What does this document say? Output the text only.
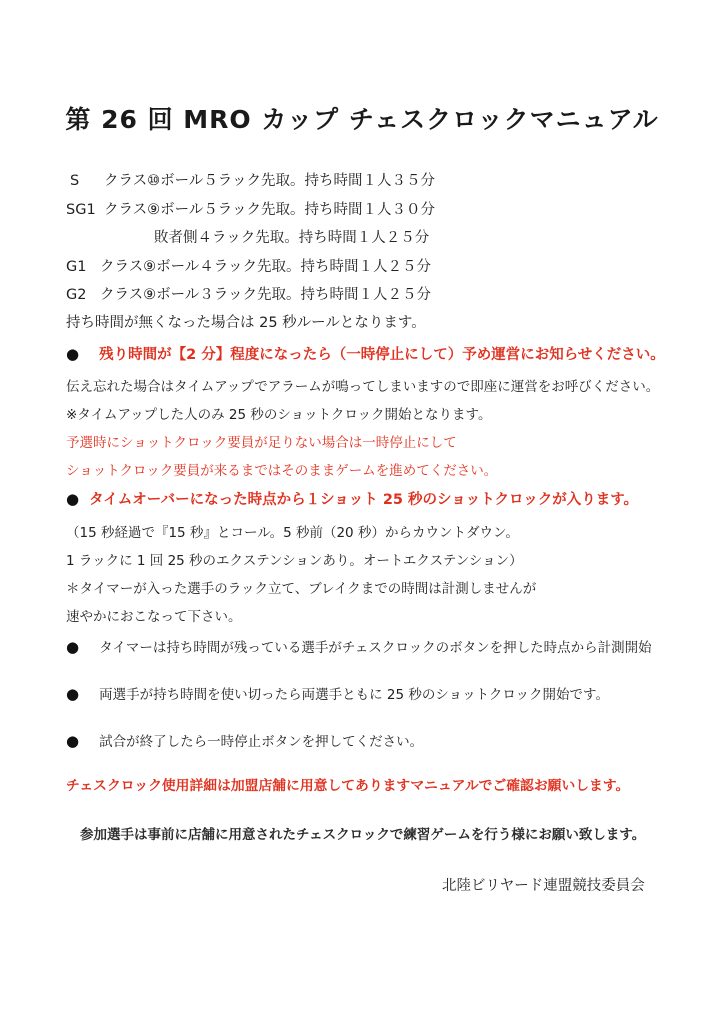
第 26 回 MRO カップ チェスクロックマニュアル
S クラス⑩ボール５ラック先取。持ち時間１人３５分
SG1 クラス⑨ボール５ラック先取。持ち時間１人３０分
敗者側４ラック先取。持ち時間１人２５分
G1 クラス⑨ボール４ラック先取。持ち時間１人２５分
G2 クラス⑨ボール３ラック先取。持ち時間１人２５分
持ち時間が無くなった場合は 25 秒ルールとなります。
● 残り時間が【2 分】程度になったら（一時停止にして）予め運営にお知らせください。
伝え忘れた場合はタイムアップでアラームが鳴ってしまいますので即座に運営をお呼びください。
※タイムアップした人のみ 25 秒のショットクロック開始となります。
予選時にショットクロック要員が足りない場合は一時停止にして
ショットクロック要員が来るまではそのままゲームを進めてください。
● タイムオーバーになった時点から１ショット 25 秒のショットクロックが入ります。
（15 秒経過で『15 秒』とコール。5 秒前（20 秒）からカウントダウン。
1 ラックに 1 回 25 秒のエクステンションあり。オートエクステンション）
＊タイマーが入った選手のラック立て、ブレイクまでの時間は計測しませんが
速やかにおこなって下さい。
● タイマーは持ち時間が残っている選手がチェスクロックのボタンを押した時点から計測開始
● 両選手が持ち時間を使い切ったら両選手ともに 25 秒のショットクロック開始です。
● 試合が終了したら一時停止ボタンを押してください。
チェスクロック使用詳細は加盟店舗に用意してありますマニュアルでご確認お願いします。
参加選手は事前に店舗に用意されたチェスクロックで練習ゲームを行う様にお願い致します。
北陸ビリヤード連盟競技委員会
